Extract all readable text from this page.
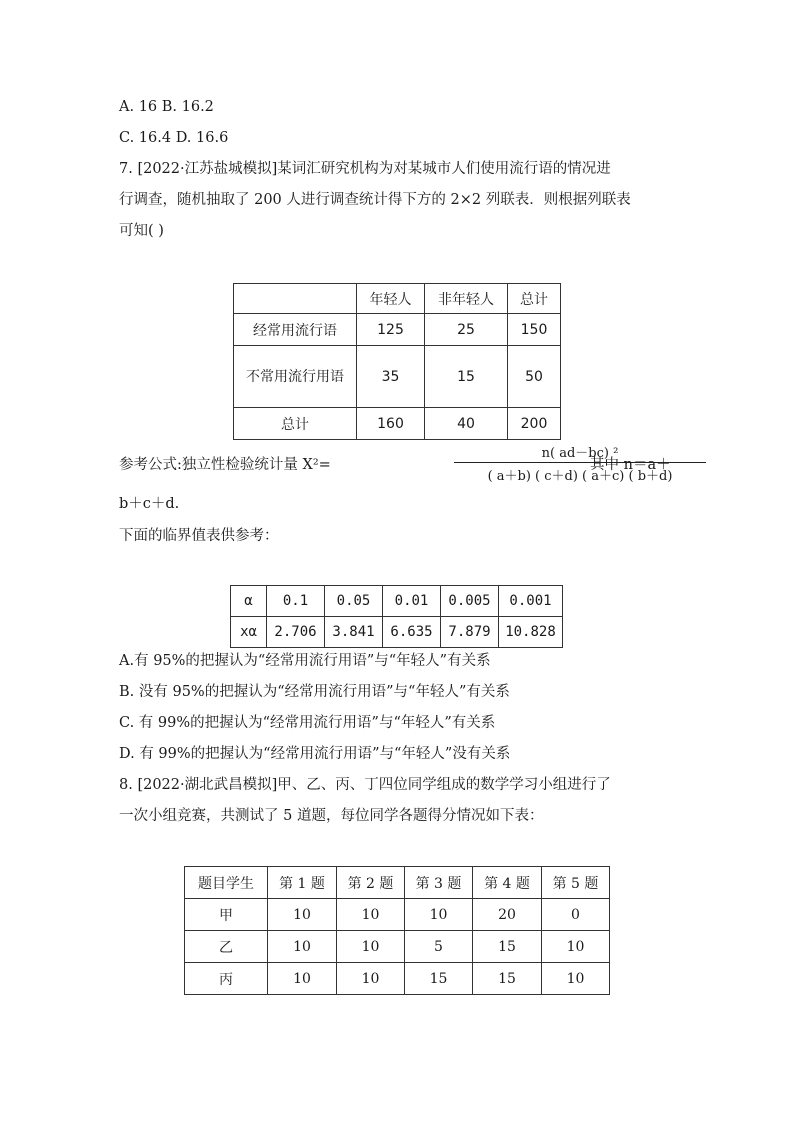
A. 16 B. 16.2
C. 16.4 D. 16.6
7. [2022·江苏盐城模拟]某词汇研究机构为对某城市人们使用流行语的情况进
行调查，随机抽取了 200 人进行调查统计得下方的 2×2 列联表．则根据列联表
可知( )
	年轻人	非年轻人	总计
经常用流行语	125	25	150
不常用流行用语	35	15	50
总计	160	40	200
参考公式:独立性检验统计量 X²=
n( ad－bc) ²
( a＋b) ( c＋d) ( a＋c) ( b＋d)
其中 n＝a＋
b＋c＋d.
下面的临界值表供参考：
α	0.1	0.05	0.01	0.005	0.001
xα	2.706	3.841	6.635	7.879	10.828
A.有 95%的把握认为“经常用流行用语”与“年轻人”有关系
B. 没有 95%的把握认为“经常用流行用语”与“年轻人”有关系
C. 有 99%的把握认为“经常用流行用语”与“年轻人”有关系
D. 有 99%的把握认为“经常用流行用语”与“年轻人”没有关系
8. [2022·湖北武昌模拟]甲、乙、丙、丁四位同学组成的数学学习小组进行了
一次小组竞赛，共测试了 5 道题，每位同学各题得分情况如下表：
题目学生	第 1 题	第 2 题	第 3 题	第 4 题	第 5 题
甲	10	10	10	20	0
乙	10	10	5	15	10
丙	10	10	15	15	10
